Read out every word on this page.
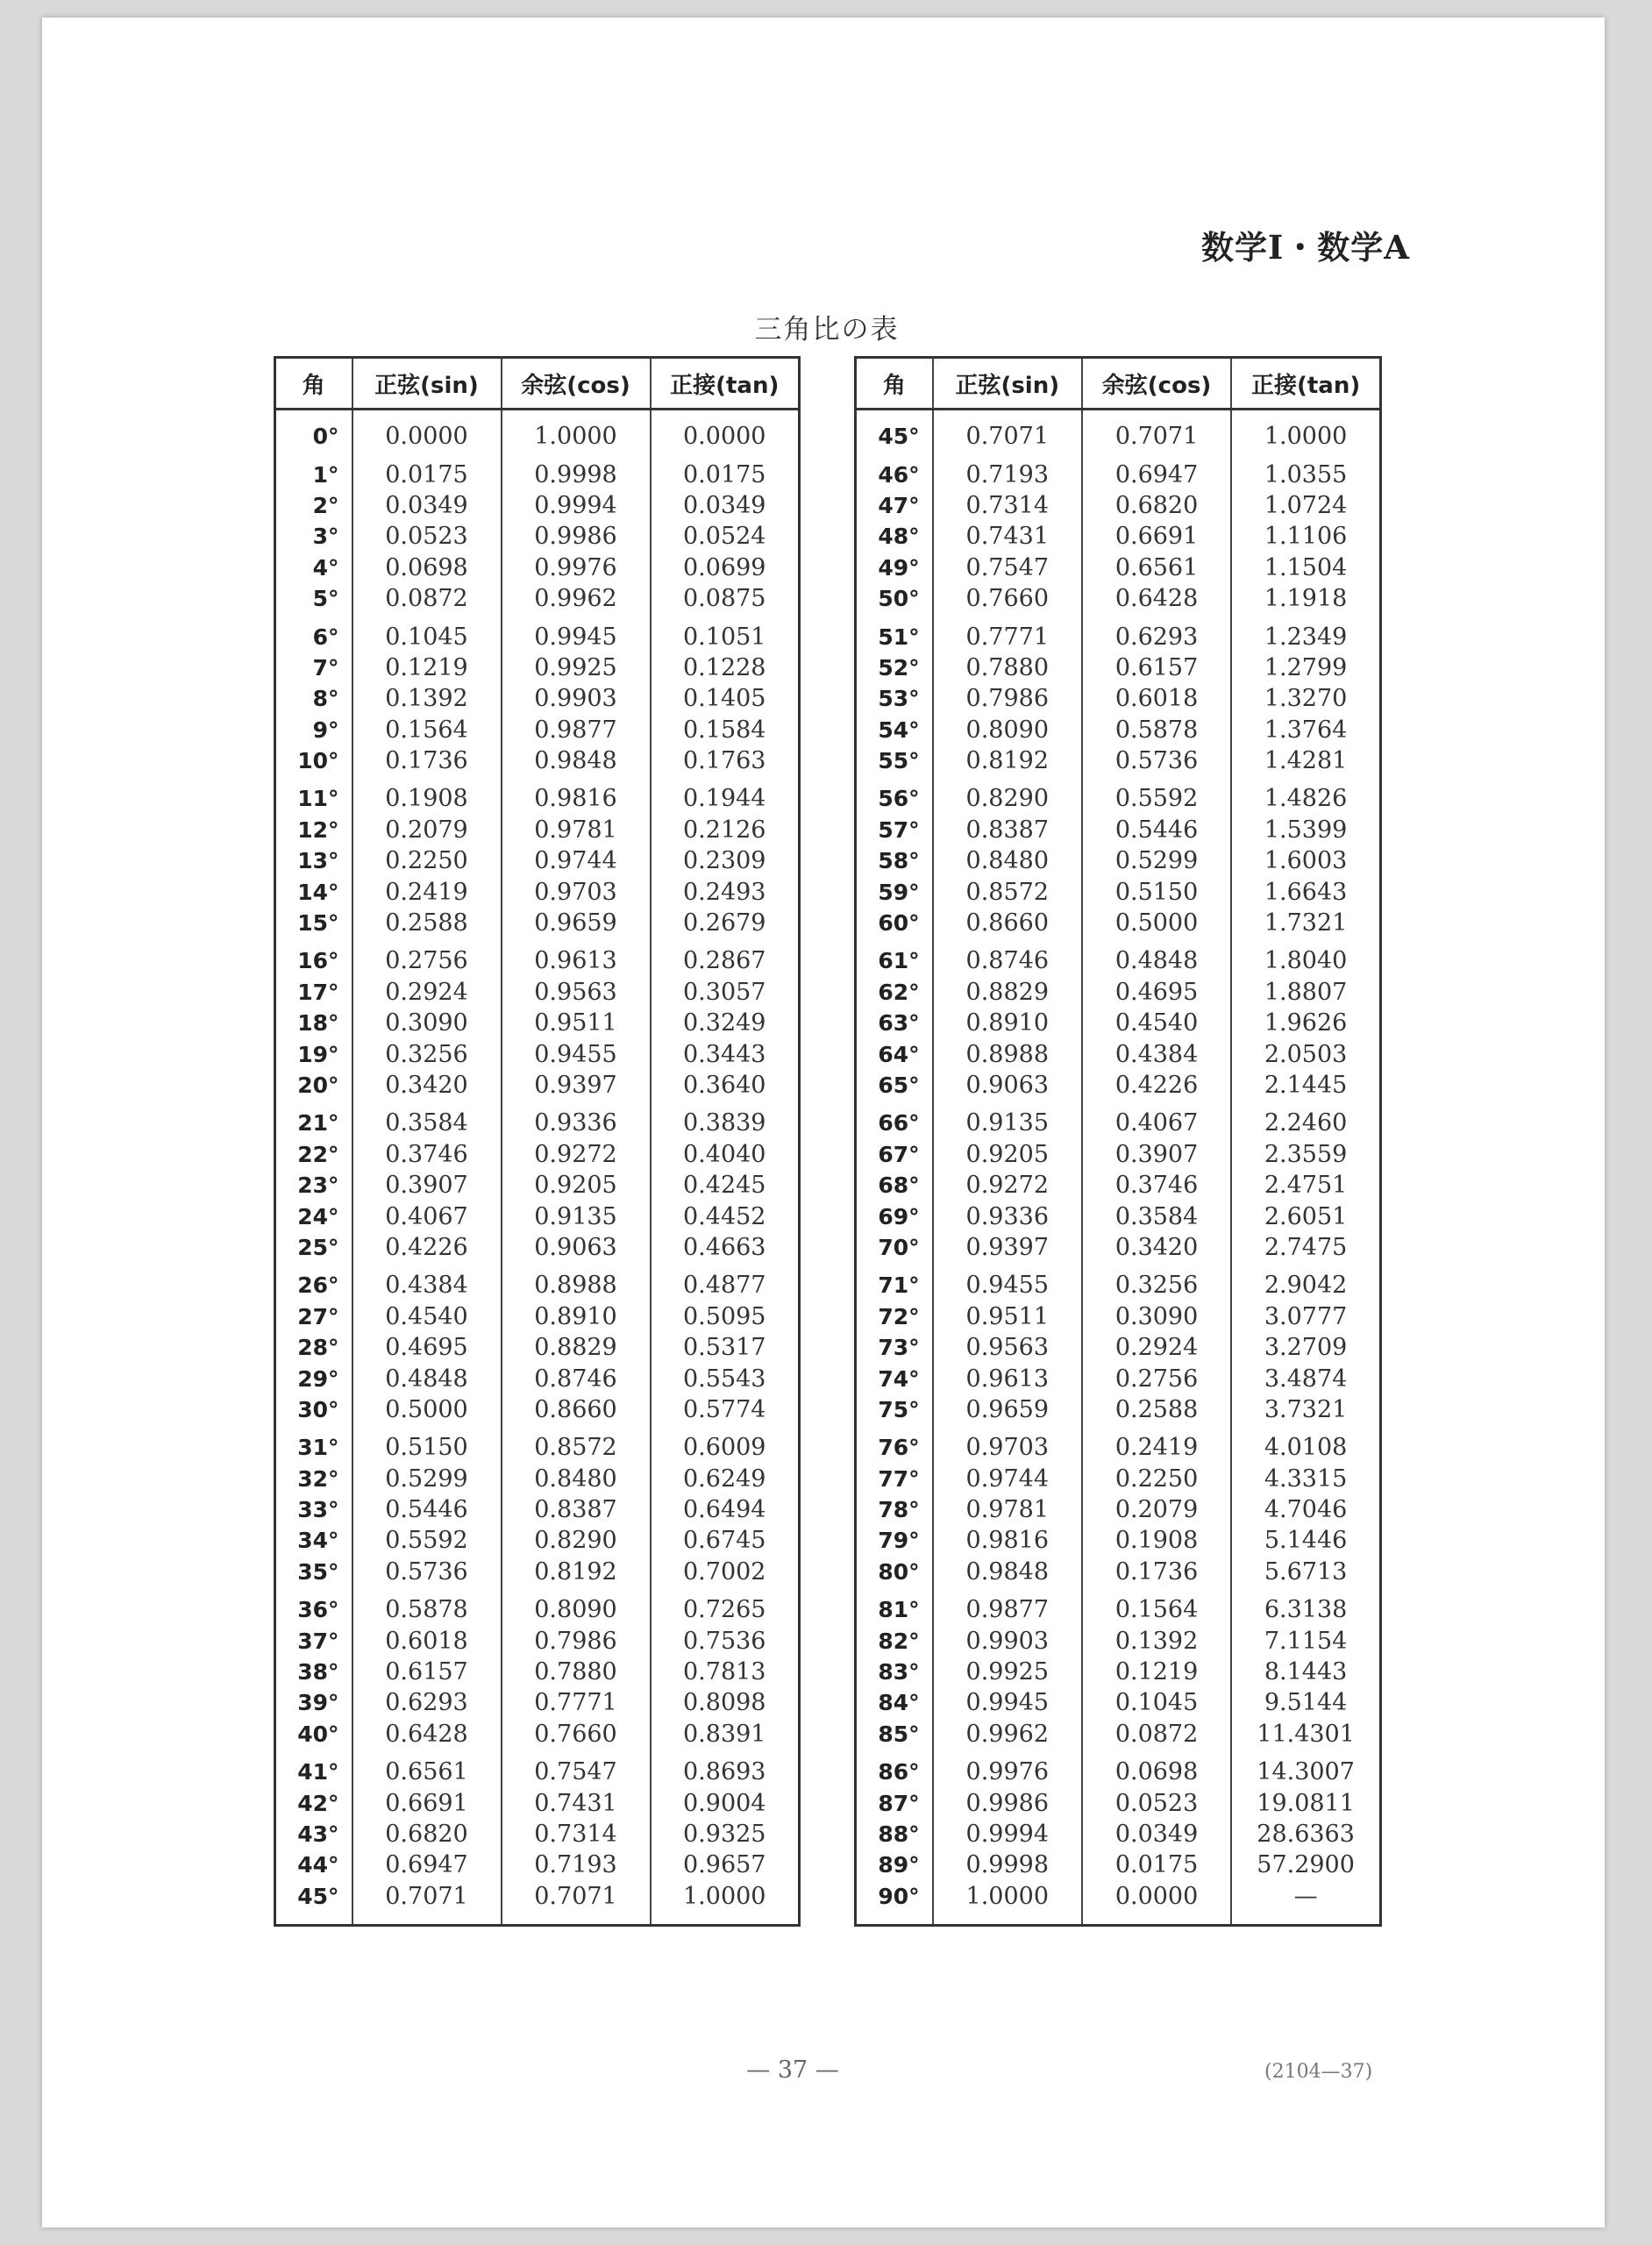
数学Ⅰ・数学A
三角比の表
角	正弦(sin)	余弦(cos)	正接(tan)
0°	0.0000	1.0000	0.0000
1°	0.0175	0.9998	0.0175
2°	0.0349	0.9994	0.0349
3°	0.0523	0.9986	0.0524
4°	0.0698	0.9976	0.0699
5°	0.0872	0.9962	0.0875
6°	0.1045	0.9945	0.1051
7°	0.1219	0.9925	0.1228
8°	0.1392	0.9903	0.1405
9°	0.1564	0.9877	0.1584
10°	0.1736	0.9848	0.1763
11°	0.1908	0.9816	0.1944
12°	0.2079	0.9781	0.2126
13°	0.2250	0.9744	0.2309
14°	0.2419	0.9703	0.2493
15°	0.2588	0.9659	0.2679
16°	0.2756	0.9613	0.2867
17°	0.2924	0.9563	0.3057
18°	0.3090	0.9511	0.3249
19°	0.3256	0.9455	0.3443
20°	0.3420	0.9397	0.3640
21°	0.3584	0.9336	0.3839
22°	0.3746	0.9272	0.4040
23°	0.3907	0.9205	0.4245
24°	0.4067	0.9135	0.4452
25°	0.4226	0.9063	0.4663
26°	0.4384	0.8988	0.4877
27°	0.4540	0.8910	0.5095
28°	0.4695	0.8829	0.5317
29°	0.4848	0.8746	0.5543
30°	0.5000	0.8660	0.5774
31°	0.5150	0.8572	0.6009
32°	0.5299	0.8480	0.6249
33°	0.5446	0.8387	0.6494
34°	0.5592	0.8290	0.6745
35°	0.5736	0.8192	0.7002
36°	0.5878	0.8090	0.7265
37°	0.6018	0.7986	0.7536
38°	0.6157	0.7880	0.7813
39°	0.6293	0.7771	0.8098
40°	0.6428	0.7660	0.8391
41°	0.6561	0.7547	0.8693
42°	0.6691	0.7431	0.9004
43°	0.6820	0.7314	0.9325
44°	0.6947	0.7193	0.9657
45°	0.7071	0.7071	1.0000
角	正弦(sin)	余弦(cos)	正接(tan)
45°	0.7071	0.7071	1.0000
46°	0.7193	0.6947	1.0355
47°	0.7314	0.6820	1.0724
48°	0.7431	0.6691	1.1106
49°	0.7547	0.6561	1.1504
50°	0.7660	0.6428	1.1918
51°	0.7771	0.6293	1.2349
52°	0.7880	0.6157	1.2799
53°	0.7986	0.6018	1.3270
54°	0.8090	0.5878	1.3764
55°	0.8192	0.5736	1.4281
56°	0.8290	0.5592	1.4826
57°	0.8387	0.5446	1.5399
58°	0.8480	0.5299	1.6003
59°	0.8572	0.5150	1.6643
60°	0.8660	0.5000	1.7321
61°	0.8746	0.4848	1.8040
62°	0.8829	0.4695	1.8807
63°	0.8910	0.4540	1.9626
64°	0.8988	0.4384	2.0503
65°	0.9063	0.4226	2.1445
66°	0.9135	0.4067	2.2460
67°	0.9205	0.3907	2.3559
68°	0.9272	0.3746	2.4751
69°	0.9336	0.3584	2.6051
70°	0.9397	0.3420	2.7475
71°	0.9455	0.3256	2.9042
72°	0.9511	0.3090	3.0777
73°	0.9563	0.2924	3.2709
74°	0.9613	0.2756	3.4874
75°	0.9659	0.2588	3.7321
76°	0.9703	0.2419	4.0108
77°	0.9744	0.2250	4.3315
78°	0.9781	0.2079	4.7046
79°	0.9816	0.1908	5.1446
80°	0.9848	0.1736	5.6713
81°	0.9877	0.1564	6.3138
82°	0.9903	0.1392	7.1154
83°	0.9925	0.1219	8.1443
84°	0.9945	0.1045	9.5144
85°	0.9962	0.0872	11.4301
86°	0.9976	0.0698	14.3007
87°	0.9986	0.0523	19.0811
88°	0.9994	0.0349	28.6363
89°	0.9998	0.0175	57.2900
90°	1.0000	0.0000	—
— 37 —	(2104—37)
